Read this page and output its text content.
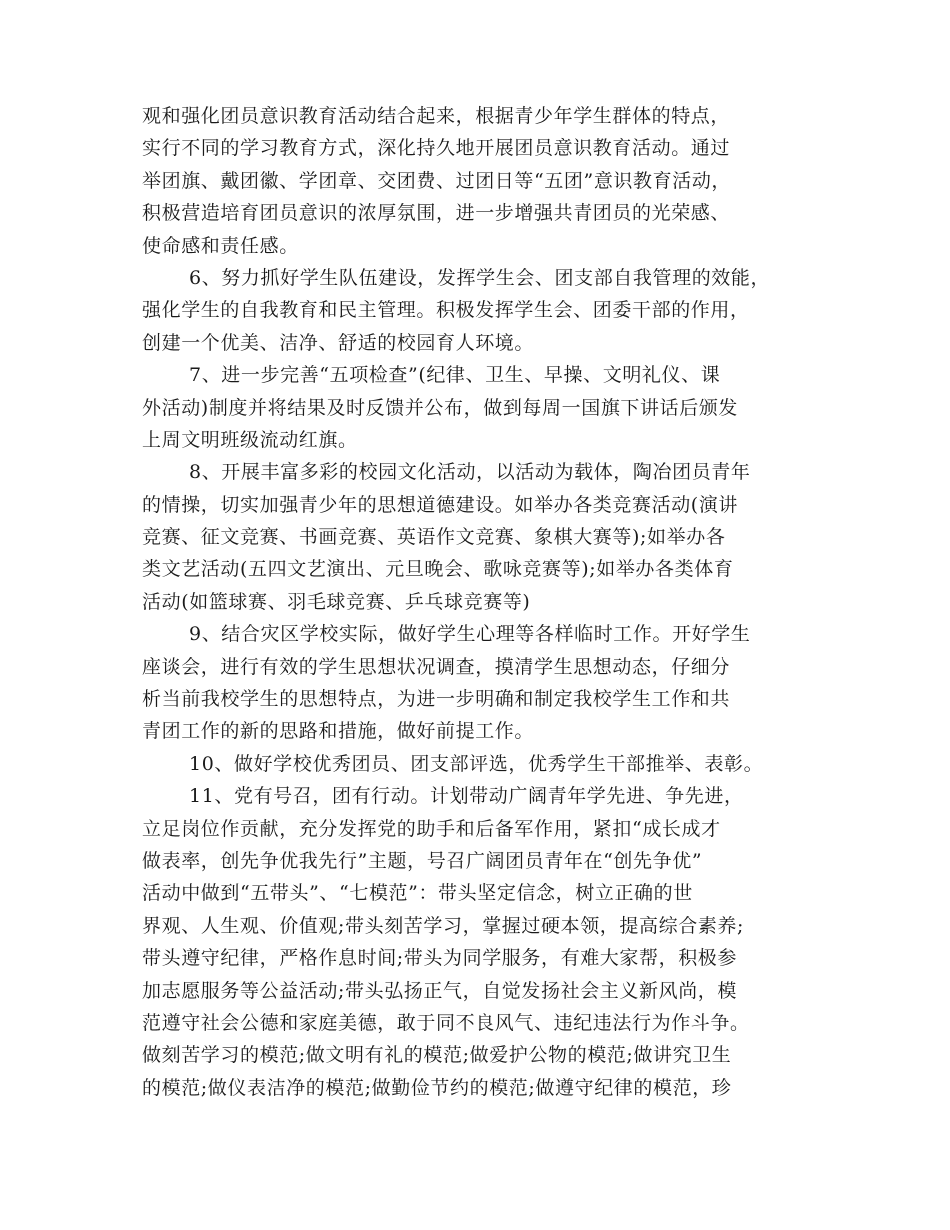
观和强化团员意识教育活动结合起来，根据青少年学生群体的特点，
实行不同的学习教育方式，深化持久地开展团员意识教育活动。通过
举团旗、戴团徽、学团章、交团费、过团日等“五团”意识教育活动，
积极营造培育团员意识的浓厚氛围，进一步增强共青团员的光荣感、
使命感和责任感。
6、努力抓好学生队伍建设，发挥学生会、团支部自我管理的效能，
强化学生的自我教育和民主管理。积极发挥学生会、团委干部的作用，
创建一个优美、洁净、舒适的校园育人环境。
7、进一步完善“五项检查”(纪律、卫生、早操、文明礼仪、课
外活动)制度并将结果及时反馈并公布，做到每周一国旗下讲话后颁发
上周文明班级流动红旗。
8、开展丰富多彩的校园文化活动，以活动为载体，陶冶团员青年
的情操，切实加强青少年的思想道德建设。如举办各类竞赛活动(演讲
竞赛、征文竞赛、书画竞赛、英语作文竞赛、象棋大赛等);如举办各
类文艺活动(五四文艺演出、元旦晚会、歌咏竞赛等);如举办各类体育
活动(如篮球赛、羽毛球竞赛、乒乓球竞赛等)
9、结合灾区学校实际，做好学生心理等各样临时工作。开好学生
座谈会，进行有效的学生思想状况调查，摸清学生思想动态，仔细分
析当前我校学生的思想特点，为进一步明确和制定我校学生工作和共
青团工作的新的思路和措施，做好前提工作。
10、做好学校优秀团员、团支部评选，优秀学生干部推举、表彰。
11、党有号召，团有行动。计划带动广阔青年学先进、争先进，
立足岗位作贡献，充分发挥党的助手和后备军作用，紧扣“成长成才
做表率，创先争优我先行”主题，号召广阔团员青年在“创先争优”
活动中做到“五带头”、“七模范”：带头坚定信念，树立正确的世
界观、人生观、价值观;带头刻苦学习，掌握过硬本领，提高综合素养;
带头遵守纪律，严格作息时间;带头为同学服务，有难大家帮，积极参
加志愿服务等公益活动;带头弘扬正气，自觉发扬社会主义新风尚，模
范遵守社会公德和家庭美德，敢于同不良风气、违纪违法行为作斗争。
做刻苦学习的模范;做文明有礼的模范;做爱护公物的模范;做讲究卫生
的模范;做仪表洁净的模范;做勤俭节约的模范;做遵守纪律的模范，珍
